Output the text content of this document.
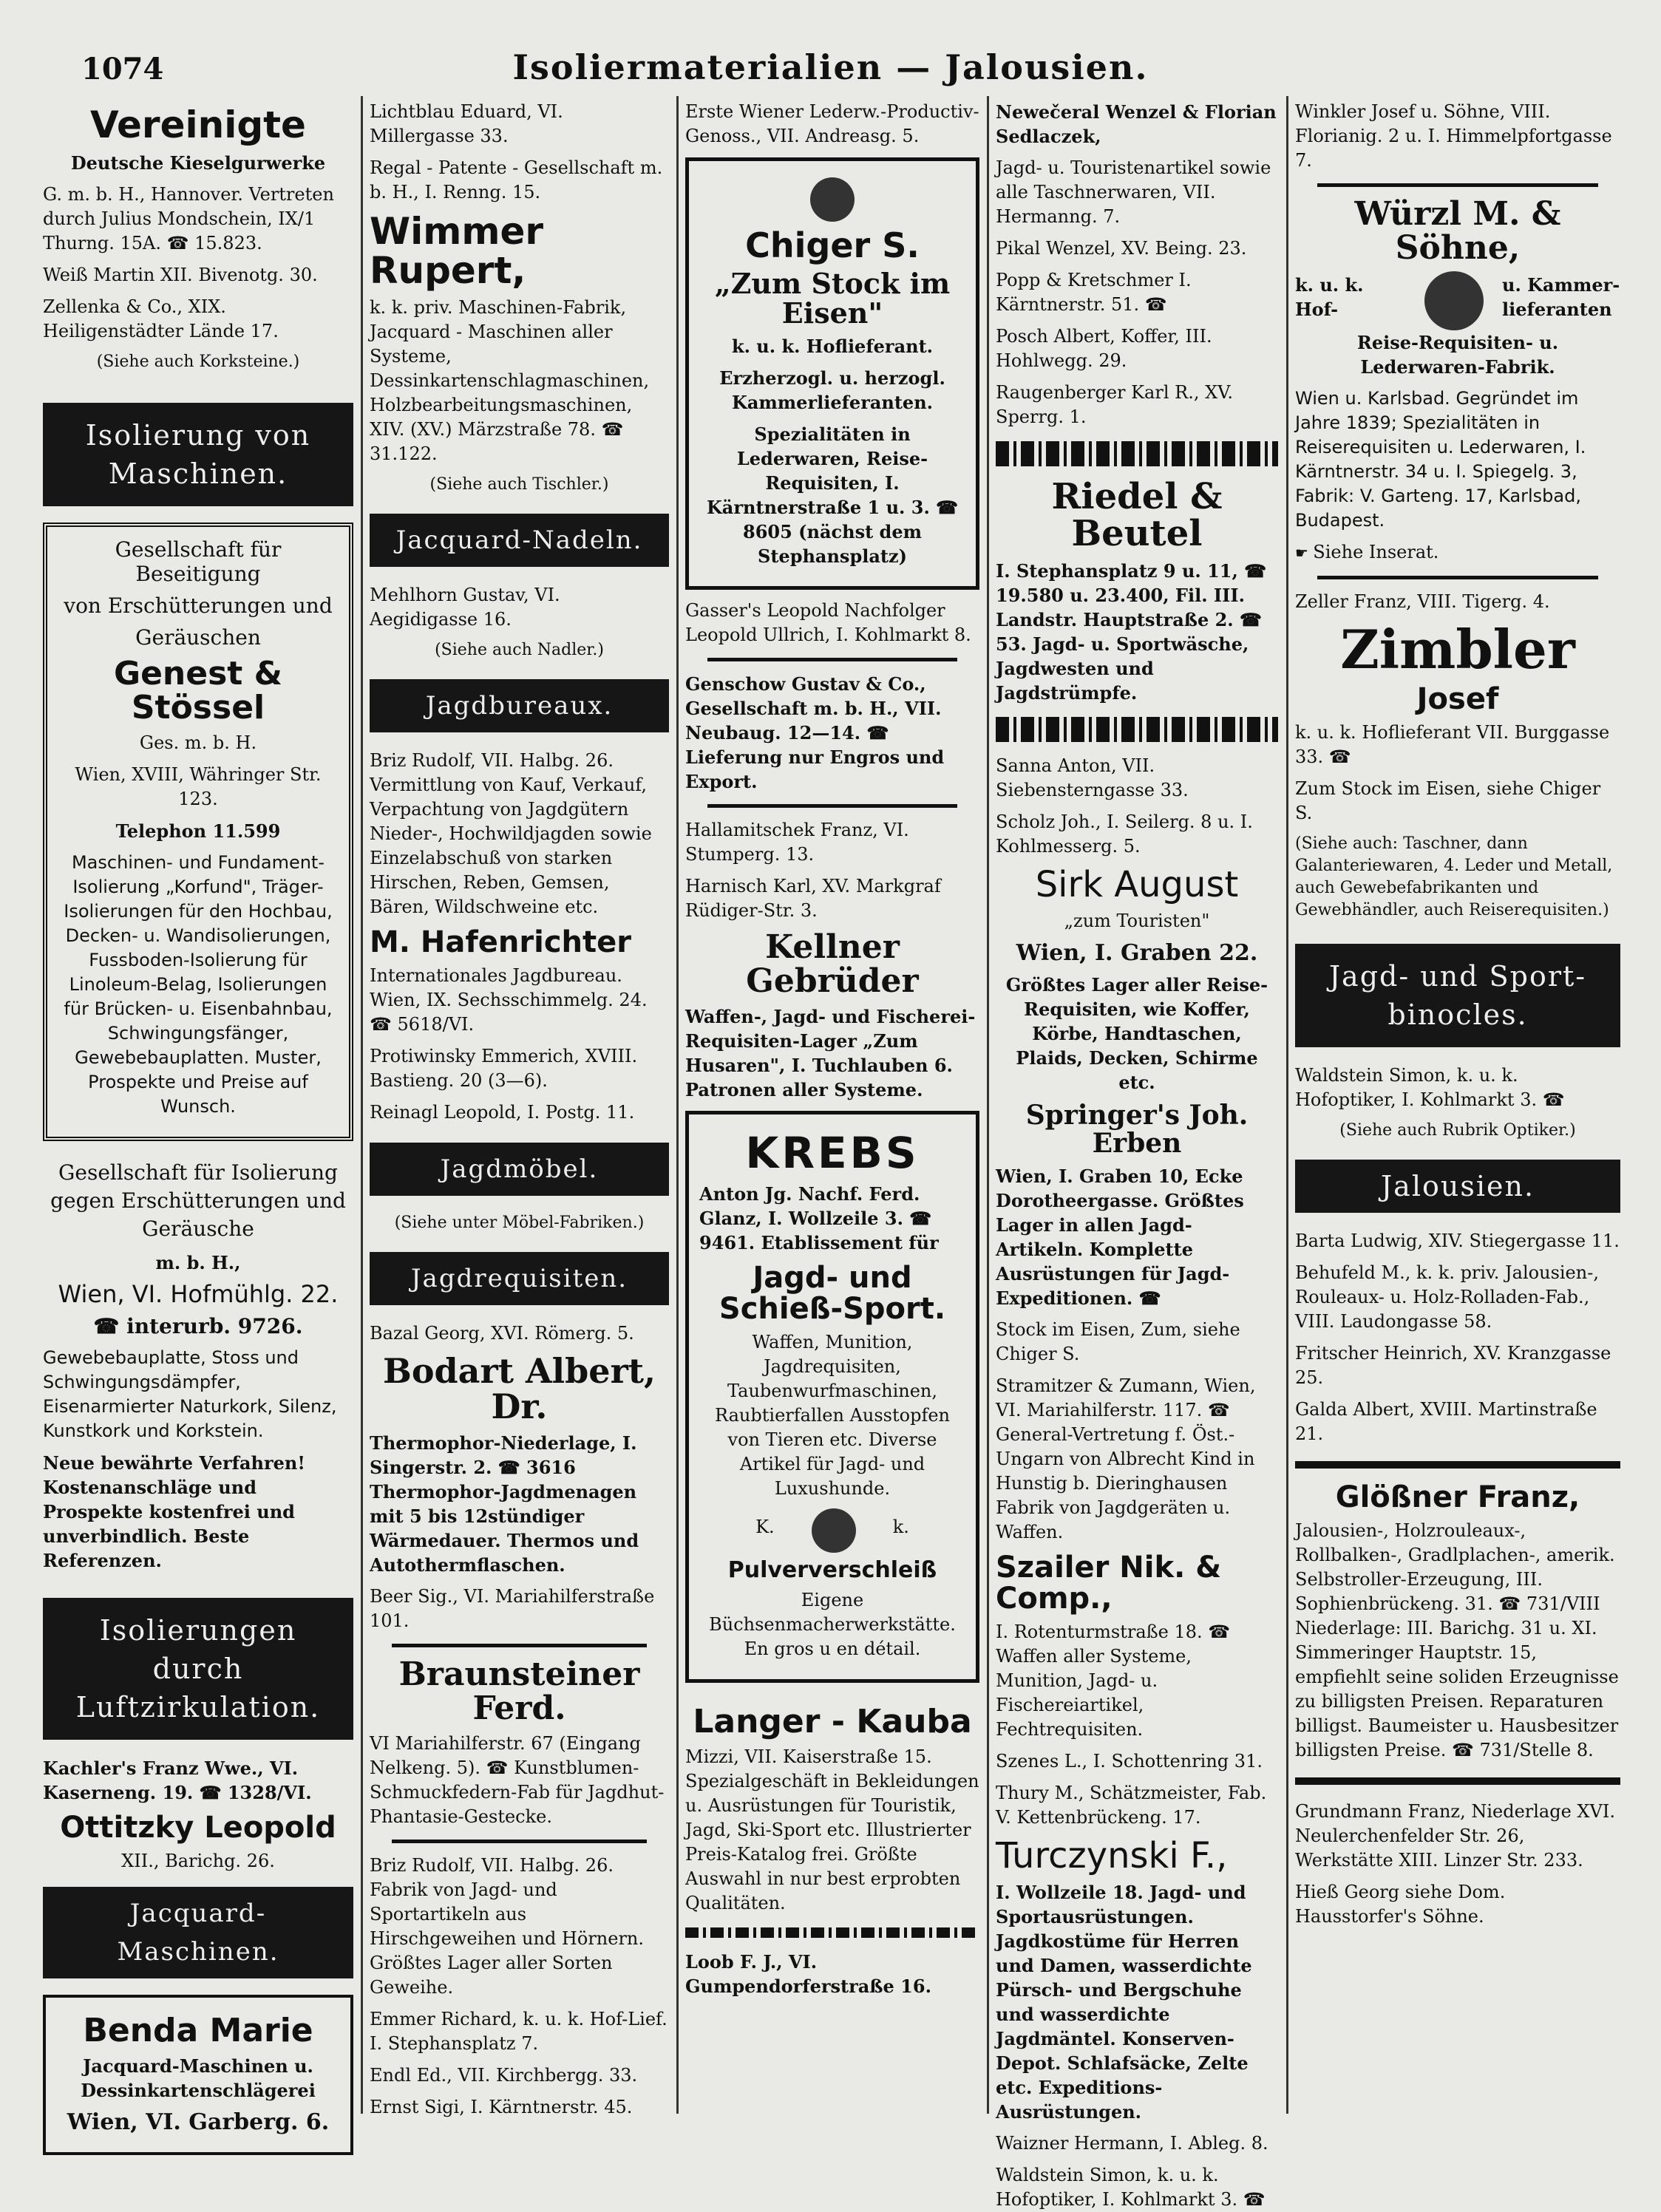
Isoliermaterialien — Jalousien.
1074
Vereinigte
Deutsche Kieselgurwerke
G. m. b. H., Hannover. Vertreten durch Julius Mondschein, IX/1 Thurng. 15A. ☎ 15.823.
Weiß Martin XII. Bivenotg. 30.
Zellenka & Co., XIX. Heiligenstädter Lände 17.
(Siehe auch Korksteine.)
Isolierung von Maschinen.
Gesellschaft für Beseitigung
von Erschütterungen und
Geräuschen
Genest & Stössel
Ges. m. b. H.
Wien, XVIII, Währinger Str. 123.
Telephon 11.599
Maschinen- und Fundament-Isolierung „Korfund", Träger-Isolierungen für den Hochbau, Decken- u. Wandisolierungen, Fussboden-Isolierung für Linoleum-Belag, Isolierungen für Brücken- u. Eisenbahnbau, Schwingungsfänger, Gewebebauplatten. Muster, Prospekte und Preise auf Wunsch.
Gesellschaft für Isolierung gegen Erschütterungen und Geräusche
m. b. H.,
Wien, VI. Hofmühlg. 22.
☎ interurb. 9726.
Gewebebauplatte, Stoss und Schwingungsdämpfer, Eisenarmierter Naturkork, Silenz, Kunstkork und Korkstein.
Neue bewährte Verfahren! Kostenanschläge und Prospekte kostenfrei und unverbindlich. Beste Referenzen.
Isolierungen durch Luftzirkulation.
Kachler's Franz Wwe., VI. Kaserneng. 19. ☎ 1328/VI.
Ottitzky Leopold
XII., Barichg. 26.
Jacquard-Maschinen.
Benda Marie
Jacquard-Maschinen u. Dessinkartenschlägerei
Wien, VI. Garberg. 6.
Lichtblau Eduard, VI. Millergasse 33.
Regal - Patente - Gesellschaft m. b. H., I. Renng. 15.
Wimmer Rupert,
k. k. priv. Maschinen-Fabrik, Jacquard - Maschinen aller Systeme, Dessinkartenschlagmaschinen, Holzbearbeitungsmaschinen, XIV. (XV.) Märzstraße 78. ☎ 31.122.
(Siehe auch Tischler.)
Jacquard-Nadeln.
Mehlhorn Gustav, VI. Aegidigasse 16.
(Siehe auch Nadler.)
Jagdbureaux.
Briz Rudolf, VII. Halbg. 26. Vermittlung von Kauf, Verkauf, Verpachtung von Jagdgütern Nieder-, Hochwildjagden sowie Einzelabschuß von starken Hirschen, Reben, Gemsen, Bären, Wildschweine etc.
M. Hafenrichter
Internationales Jagdbureau. Wien, IX. Sechsschimmelg. 24. ☎ 5618/VI.
Protiwinsky Emmerich, XVIII. Bastieng. 20 (3—6).
Reinagl Leopold, I. Postg. 11.
Jagdmöbel.
(Siehe unter Möbel-Fabriken.)
Jagdrequisiten.
Bazal Georg, XVI. Römerg. 5.
Bodart Albert, Dr.
Thermophor-Niederlage, I. Singerstr. 2. ☎ 3616 Thermophor-Jagdmenagen mit 5 bis 12stündiger Wärmedauer. Thermos und Autothermflaschen.
Beer Sig., VI. Mariahilferstraße 101.
Braunsteiner Ferd.
VI Mariahilferstr. 67 (Eingang Nelkeng. 5). ☎ Kunstblumen-Schmuckfedern-Fab für Jagdhut-Phantasie-Gestecke.
Briz Rudolf, VII. Halbg. 26. Fabrik von Jagd- und Sportartikeln aus Hirschgeweihen und Hörnern. Größtes Lager aller Sorten Geweihe.
Emmer Richard, k. u. k. Hof-Lief. I. Stephansplatz 7.
Endl Ed., VII. Kirchbergg. 33.
Ernst Sigi, I. Kärntnerstr. 45.
Erste Wiener Lederw.-Productiv-Genoss., VII. Andreasg. 5.
Chiger S.
„Zum Stock im Eisen"
k. u. k. Hoflieferant.
Erzherzogl. u. herzogl. Kammerlieferanten.
Spezialitäten in Lederwaren, Reise-Requisiten, I. Kärntnerstraße 1 u. 3. ☎ 8605 (nächst dem Stephansplatz)
Gasser's Leopold Nachfolger Leopold Ullrich, I. Kohlmarkt 8.
Genschow Gustav & Co., Gesellschaft m. b. H., VII. Neubaug. 12—14. ☎ Lieferung nur Engros und Export.
Hallamitschek Franz, VI. Stumperg. 13.
Harnisch Karl, XV. Markgraf Rüdiger-Str. 3.
Kellner Gebrüder
Waffen-, Jagd- und Fischerei-Requisiten-Lager „Zum Husaren", I. Tuchlauben 6. Patronen aller Systeme.
KREBS
Anton Jg. Nachf. Ferd. Glanz, I. Wollzeile 3. ☎ 9461. Etablissement für
Jagd- und Schieß-Sport.
Waffen, Munition, Jagdrequisiten, Taubenwurfmaschinen, Raubtierfallen Ausstopfen von Tieren etc. Diverse Artikel für Jagd- und Luxushunde.
K.	k.
Pulververschleiß
Eigene Büchsenmacherwerkstätte. En gros u en détail.
Langer - Kauba
Mizzi, VII. Kaiserstraße 15. Spezialgeschäft in Bekleidungen u. Ausrüstungen für Touristik, Jagd, Ski-Sport etc. Illustrierter Preis-Katalog frei. Größte Auswahl in nur best erprobten Qualitäten.
Loob F. J., VI. Gumpendorferstraße 16.
Newečeral Wenzel & Florian Sedlaczek,
Jagd- u. Touristenartikel sowie alle Taschnerwaren, VII. Hermanng. 7.
Pikal Wenzel, XV. Being. 23.
Popp & Kretschmer I. Kärntnerstr. 51. ☎
Posch Albert, Koffer, III. Hohlwegg. 29.
Raugenberger Karl R., XV. Sperrg. 1.
Riedel & Beutel
I. Stephansplatz 9 u. 11, ☎ 19.580 u. 23.400, Fil. III. Landstr. Hauptstraße 2. ☎ 53. Jagd- u. Sportwäsche, Jagdwesten und Jagdstrümpfe.
Sanna Anton, VII. Siebensterngasse 33.
Scholz Joh., I. Seilerg. 8 u. I. Kohlmesserg. 5.
Sirk August
„zum Touristen"
Wien, I. Graben 22.
Größtes Lager aller Reise-Requisiten, wie Koffer, Körbe, Handtaschen, Plaids, Decken, Schirme etc.
Springer's Joh. Erben
Wien, I. Graben 10, Ecke Dorotheergasse. Größtes Lager in allen Jagd-Artikeln. Komplette Ausrüstungen für Jagd-Expeditionen. ☎
Stock im Eisen, Zum, siehe Chiger S.
Stramitzer & Zumann, Wien, VI. Mariahilferstr. 117. ☎ General-Vertretung f. Öst.-Ungarn von Albrecht Kind in Hunstig b. Dieringhausen Fabrik von Jagdgeräten u. Waffen.
Szailer Nik. & Comp.,
I. Rotenturmstraße 18. ☎ Waffen aller Systeme, Munition, Jagd- u. Fischereiartikel, Fechtrequisiten.
Szenes L., I. Schottenring 31.
Thury M., Schätzmeister, Fab. V. Kettenbrückeng. 17.
Turczynski F.,
I. Wollzeile 18. Jagd- und Sportausrüstungen. Jagdkostüme für Herren und Damen, wasserdichte Pürsch- und Bergschuhe und wasserdichte Jagdmäntel. Konserven-Depot. Schlafsäcke, Zelte etc. Expeditions-Ausrüstungen.
Waizner Hermann, I. Ableg. 8.
Waldstein Simon, k. u. k. Hofoptiker, I. Kohlmarkt 3. ☎
Winkler Josef u. Söhne, VIII. Florianig. 2 u. I. Himmelpfortgasse 7.
Würzl M. & Söhne,
k. u. k. Hof-
u. Kammer-lieferanten
Reise-Requisiten- u. Lederwaren-Fabrik.
Wien u. Karlsbad. Gegründet im Jahre 1839; Spezialitäten in Reiserequisiten u. Lederwaren, I. Kärntnerstr. 34 u. I. Spiegelg. 3, Fabrik: V. Garteng. 17, Karlsbad, Budapest.
☛ Siehe Inserat.
Zeller Franz, VIII. Tigerg. 4.
Zimbler
Josef
k. u. k. Hoflieferant VII. Burggasse 33. ☎
Zum Stock im Eisen, siehe Chiger S.
(Siehe auch: Taschner, dann Galanteriewaren, 4. Leder und Metall, auch Gewebefabrikanten und Gewebhändler, auch Reiserequisiten.)
Jagd- und Sport-binocles.
Waldstein Simon, k. u. k. Hofoptiker, I. Kohlmarkt 3. ☎
(Siehe auch Rubrik Optiker.)
Jalousien.
Barta Ludwig, XIV. Stiegergasse 11.
Behufeld M., k. k. priv. Jalousien-, Rouleaux- u. Holz-Rolladen-Fab., VIII. Laudongasse 58.
Fritscher Heinrich, XV. Kranzgasse 25.
Galda Albert, XVIII. Martinstraße 21.
Glößner Franz,
Jalousien-, Holzrouleaux-, Rollbalken-, Gradlplachen-, amerik. Selbstroller-Erzeugung, III. Sophienbrückeng. 31. ☎ 731/VIII Niederlage: III. Barichg. 31 u. XI. Simmeringer Hauptstr. 15, empfiehlt seine soliden Erzeugnisse zu billigsten Preisen. Reparaturen billigst. Baumeister u. Hausbesitzer billigsten Preise. ☎ 731/Stelle 8.
Grundmann Franz, Niederlage XVI. Neulerchenfelder Str. 26, Werkstätte XIII. Linzer Str. 233.
Hieß Georg siehe Dom. Hausstorfer's Söhne.
